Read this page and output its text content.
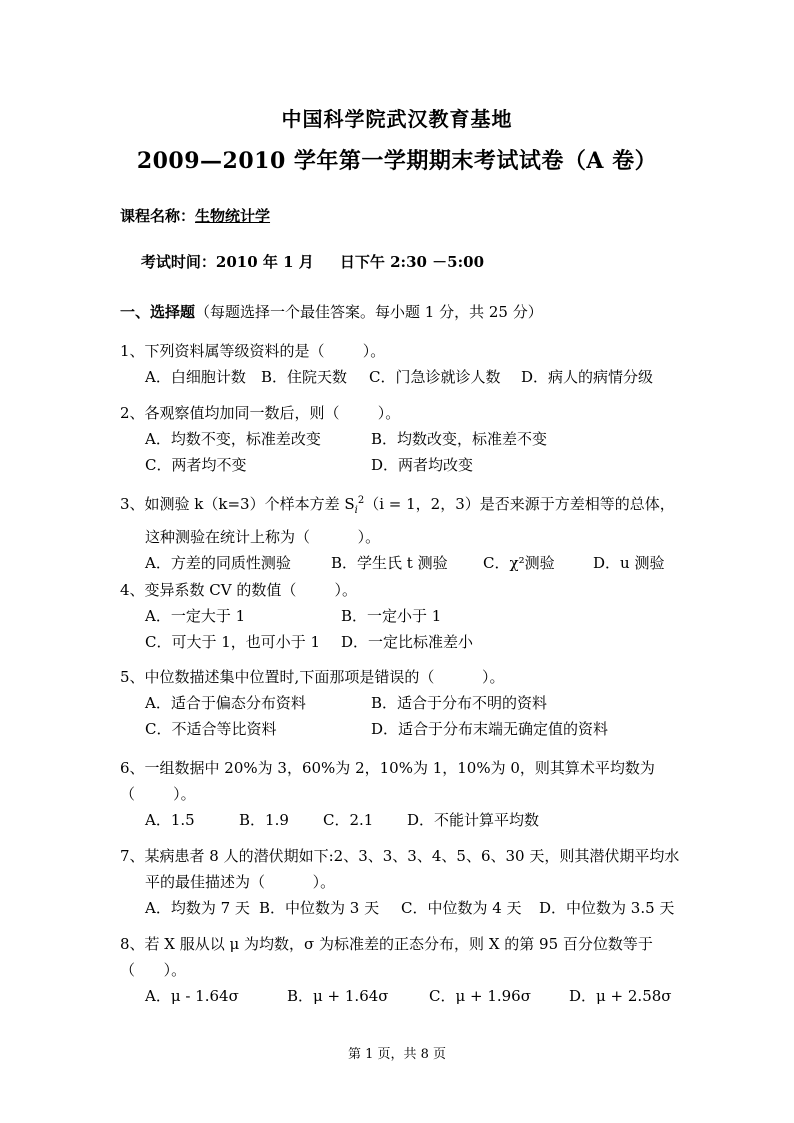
中国科学院武汉教育基地
2009—2010 学年第一学期期末考试试卷（A 卷）
课程名称：生物统计学

考试时间：2010 年 1 月     日下午 2:30 －5:00

一、选择题（每题选择一个最佳答案。每小题 1 分，共 25 分）
1、下列资料属等级资料的是（        ）。
A．白细胞计数 B．住院天数 C．门急诊就诊人数 D．病人的病情分级
2、各观察值均加同一数后，则（        ）。
A．均数不变，标准差改变	B．均数改变，标准差不变
C．两者均不变	D．两者均改变
3、如测验 k（k=3）个样本方差 $S_i^2(i = 1$，2，3）是否来源于方差相等的总体，
这种测验在统计上称为（          ）。
A．方差的同质性测验	B．学生氏 t 测验 C．χ²测验	D．u 测验
4、变异系数 CV 的数值（        ）。
A．一定大于 1	B．一定小于 1
C．可大于 1，也可小于 1 D．一定比标准差小
5、中位数描述集中位置时,下面那项是错误的（          ）。
A．适合于偏态分布资料	B．适合于分布不明的资料
C．不适合等比资料	D．适合于分布末端无确定值的资料
6、一组数据中 20%为 3，60%为 2，10%为 1，10%为 0，则其算术平均数为
（        ）。
A．1.5	B．1.9 C．2.1 D．不能计算平均数
7、某病患者 8 人的潜伏期如下:2、3、3、3、4、5、6、30 天，则其潜伏期平均水
平的最佳描述为（          ）。
A．均数为 7 天 B．中位数为 3 天 C．中位数为 4 天 D．中位数为 3.5 天
8、若 X 服从以 μ 为均数，σ 为标准差的正态分布，则 X 的第 95 百分位数等于
（      ）。
A．μ - 1.64σ	B．μ + 1.64σ	C．μ + 1.96σ	D．μ + 2.58σ
第 1 页，共 8 页
